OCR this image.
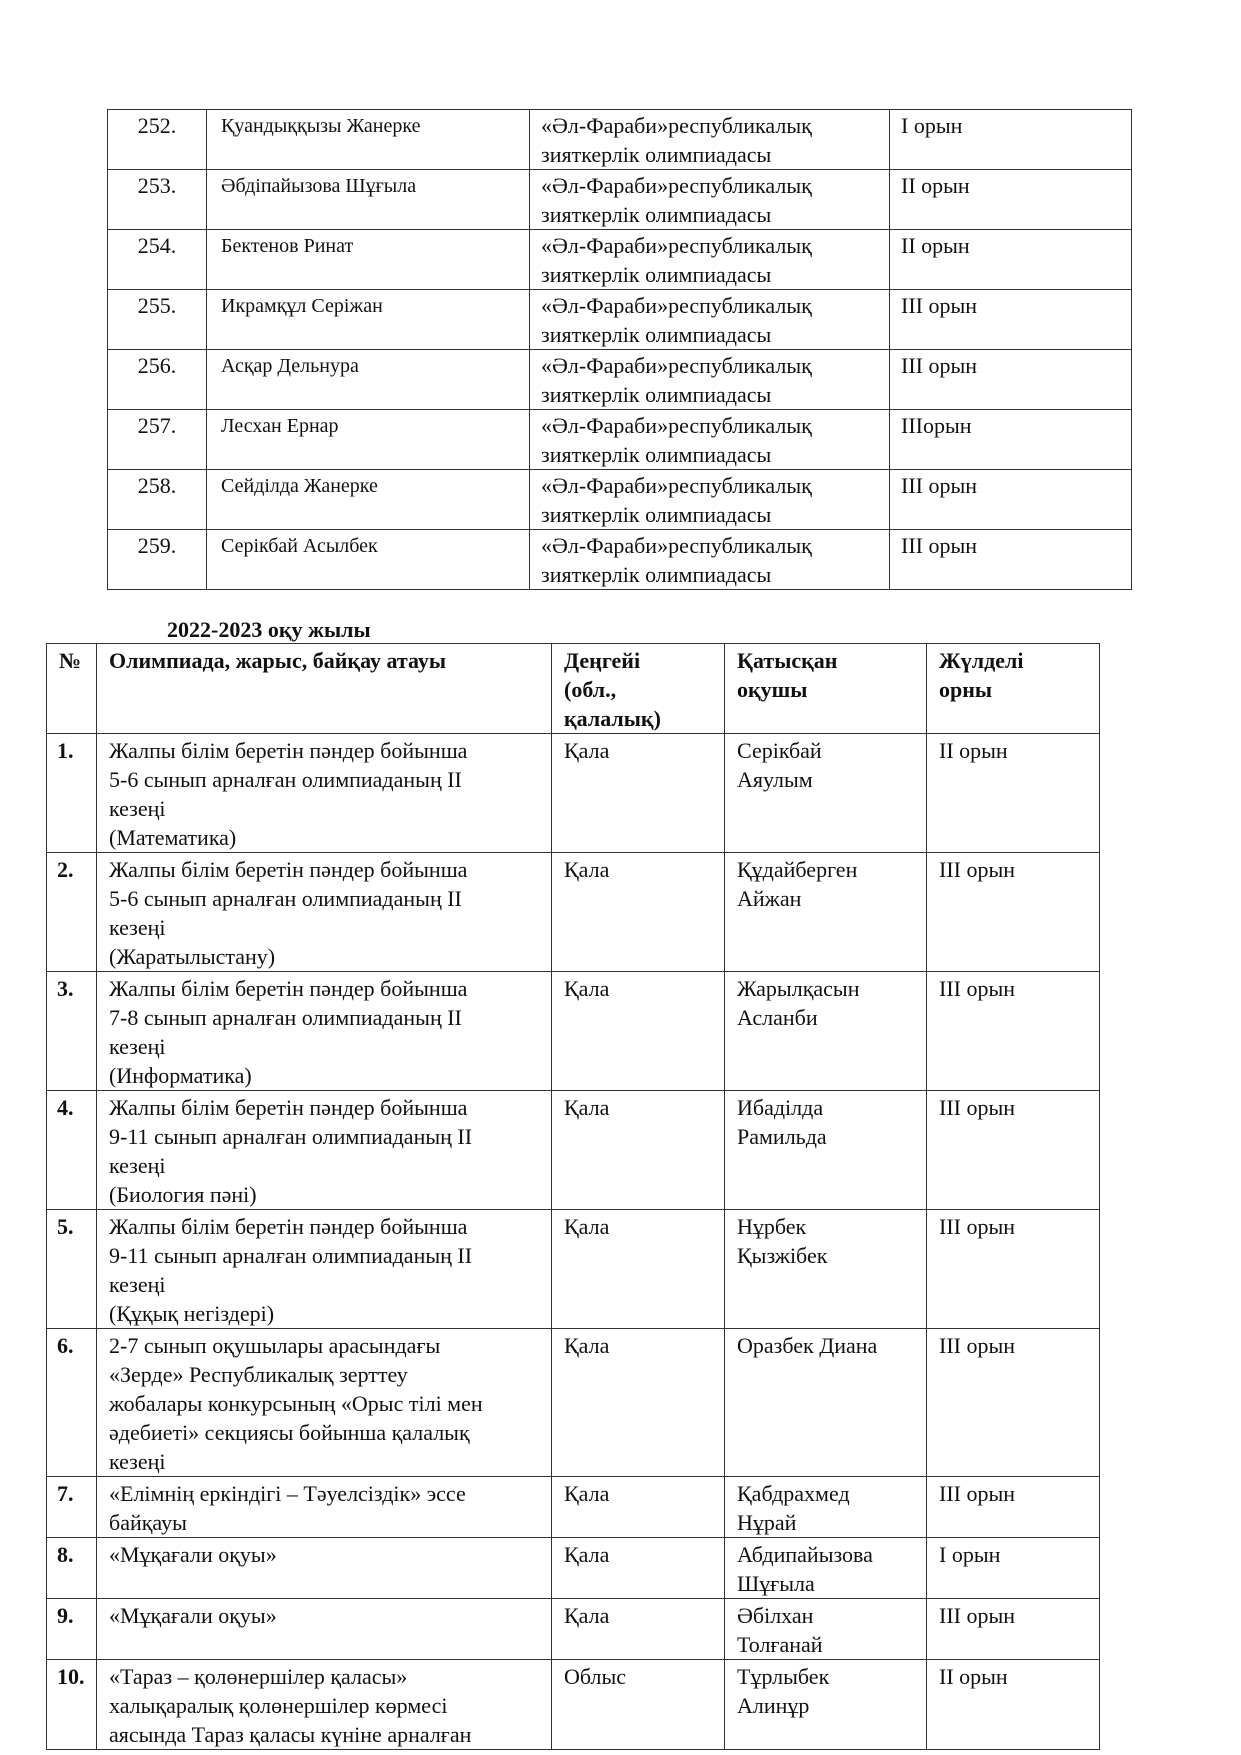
252.	Қуандыққызы Жанерке	«Әл-Фараби»республикалық
зияткерлік олимпиадасы	I орын
253.	Әбдіпайызова Шұғыла	«Әл-Фараби»республикалық
зияткерлік олимпиадасы	II орын
254.	Бектенов Ринат	«Әл-Фараби»республикалық
зияткерлік олимпиадасы	II орын
255.	Икрамқұл Серіжан	«Әл-Фараби»республикалық
зияткерлік олимпиадасы	III орын
256.	Асқар Дельнура	«Әл-Фараби»республикалық
зияткерлік олимпиадасы	III орын
257.	Лесхан Ернар	«Әл-Фараби»республикалық
зияткерлік олимпиадасы	IIIорын
258.	Сейділда Жанерке	«Әл-Фараби»республикалық
зияткерлік олимпиадасы	III орын
259.	Серікбай Асылбек	«Әл-Фараби»республикалық
зияткерлік олимпиадасы	III орын
2022-2023 оқу жылы
№	Олимпиада, жарыс, байқау атауы	Деңгейі
(обл.,
қалалық)	Қатысқан
оқушы	Жүлделі
орны
1.	Жалпы білім беретін пәндер бойынша
5-6 сынып арналған олимпиаданың II
кезеңі
(Математика)	Қала	Серікбай
Аяулым	II орын
2.	Жалпы білім беретін пәндер бойынша
5-6 сынып арналған олимпиаданың II
кезеңі
(Жаратылыстану)	Қала	Құдайберген
Айжан	III орын
3.	Жалпы білім беретін пәндер бойынша
7-8 сынып арналған олимпиаданың II
кезеңі
(Информатика)	Қала	Жарылқасын
Асланби	III орын
4.	Жалпы білім беретін пәндер бойынша
9-11 сынып арналған олимпиаданың II
кезеңі
(Биология пәні)	Қала	Ибаділда
Рамильда	III орын
5.	Жалпы білім беретін пәндер бойынша
9-11 сынып арналған олимпиаданың II
кезеңі
(Құқық негіздері)	Қала	Нұрбек
Қызжібек	III орын
6.	2-7 сынып оқушылары арасындағы
«Зерде» Республикалық зерттеу
жобалары конкурсының «Орыс тілі мен
әдебиеті» секциясы бойынша қалалық
кезеңі	Қала	Оразбек Диана	III орын
7.	«Елімнің еркіндігі – Тәуелсіздік» эссе
байқауы	Қала	Қабдрахмед
Нұрай	III орын
8.	«Мұқағали оқуы»	Қала	Абдипайызова
Шұғыла	I орын
9.	«Мұқағали оқуы»	Қала	Әбілхан
Толғанай	III орын
10.	«Тараз – қолөнершілер қаласы»
халықаралық қолөнершілер көрмесі
аясында Тараз қаласы күніне арналған	Облыс	Тұрлыбек
Алинұр	II орын
